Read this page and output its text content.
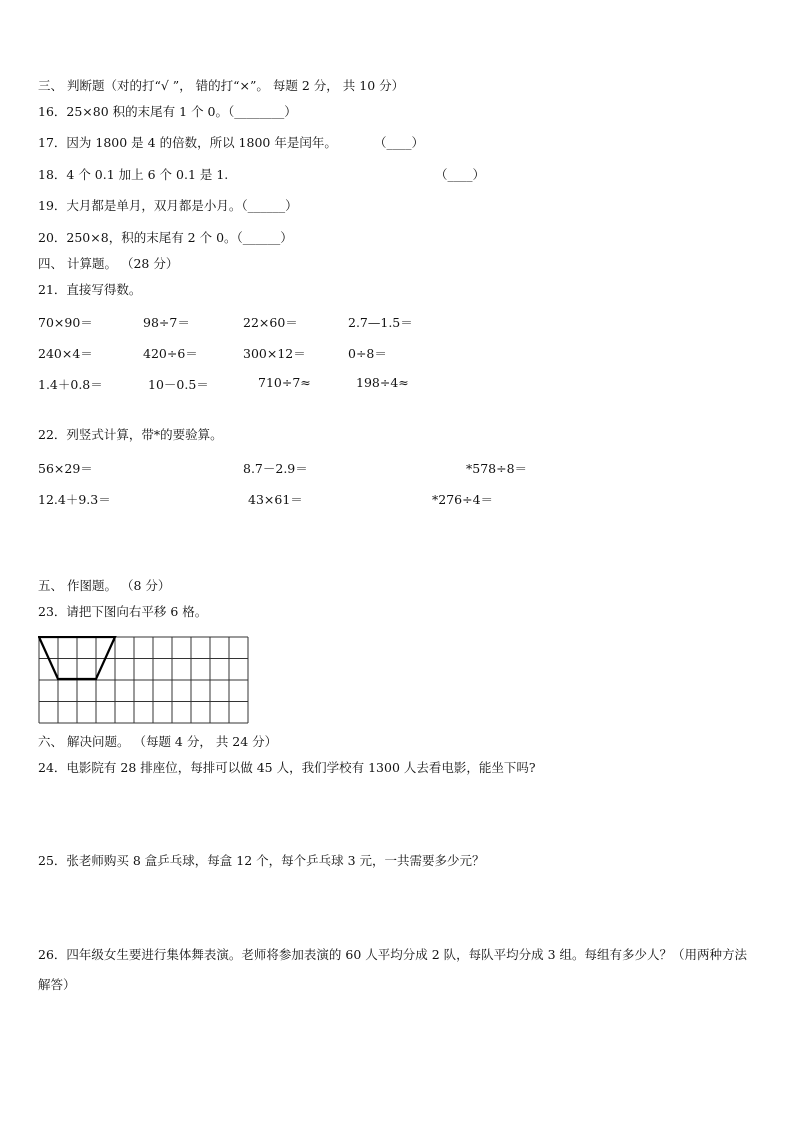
三、 判断题（对的打“√ ”， 错的打“×”。 每题 2 分， 共 10 分）
16．25×80 积的末尾有 1 个 0。（________）
17．因为 1800 是 4 的倍数，所以 1800 年是闰年。	（____）
18．4 个 0.1 加上 6 个 0.1 是 1.	（____）
19．大月都是单月，双月都是小月。（______）
20．250×8，积的末尾有 2 个 0。（______）
四、 计算题。 （28 分）
21．直接写得数。
70×90＝	98÷7＝	22×60＝	2.7—1.5＝
240×4＝	420÷6＝	300×12＝	0÷8＝
1.4＋0.8＝	10－0.5＝	710÷7≈	198÷4≈
22．列竖式计算，带*的要验算。
56×29＝	8.7－2.9＝	*578÷8＝
12.4＋9.3＝	43×61＝	*276÷4＝
五、 作图题。 （8 分）
23．请把下图向右平移 6 格。
六、 解决问题。 （每题 4 分， 共 24 分）
24．电影院有 28 排座位，每排可以做 45 人，我们学校有 1300 人去看电影，能坐下吗?
25．张老师购买 8 盒乒乓球，每盒 12 个，每个乒乓球 3 元，一共需要多少元？
26．四年级女生要进行集体舞表演。老师将参加表演的 60 人平均分成 2 队，每队平均分成 3 组。每组有多少人？（用两种方法解答）
